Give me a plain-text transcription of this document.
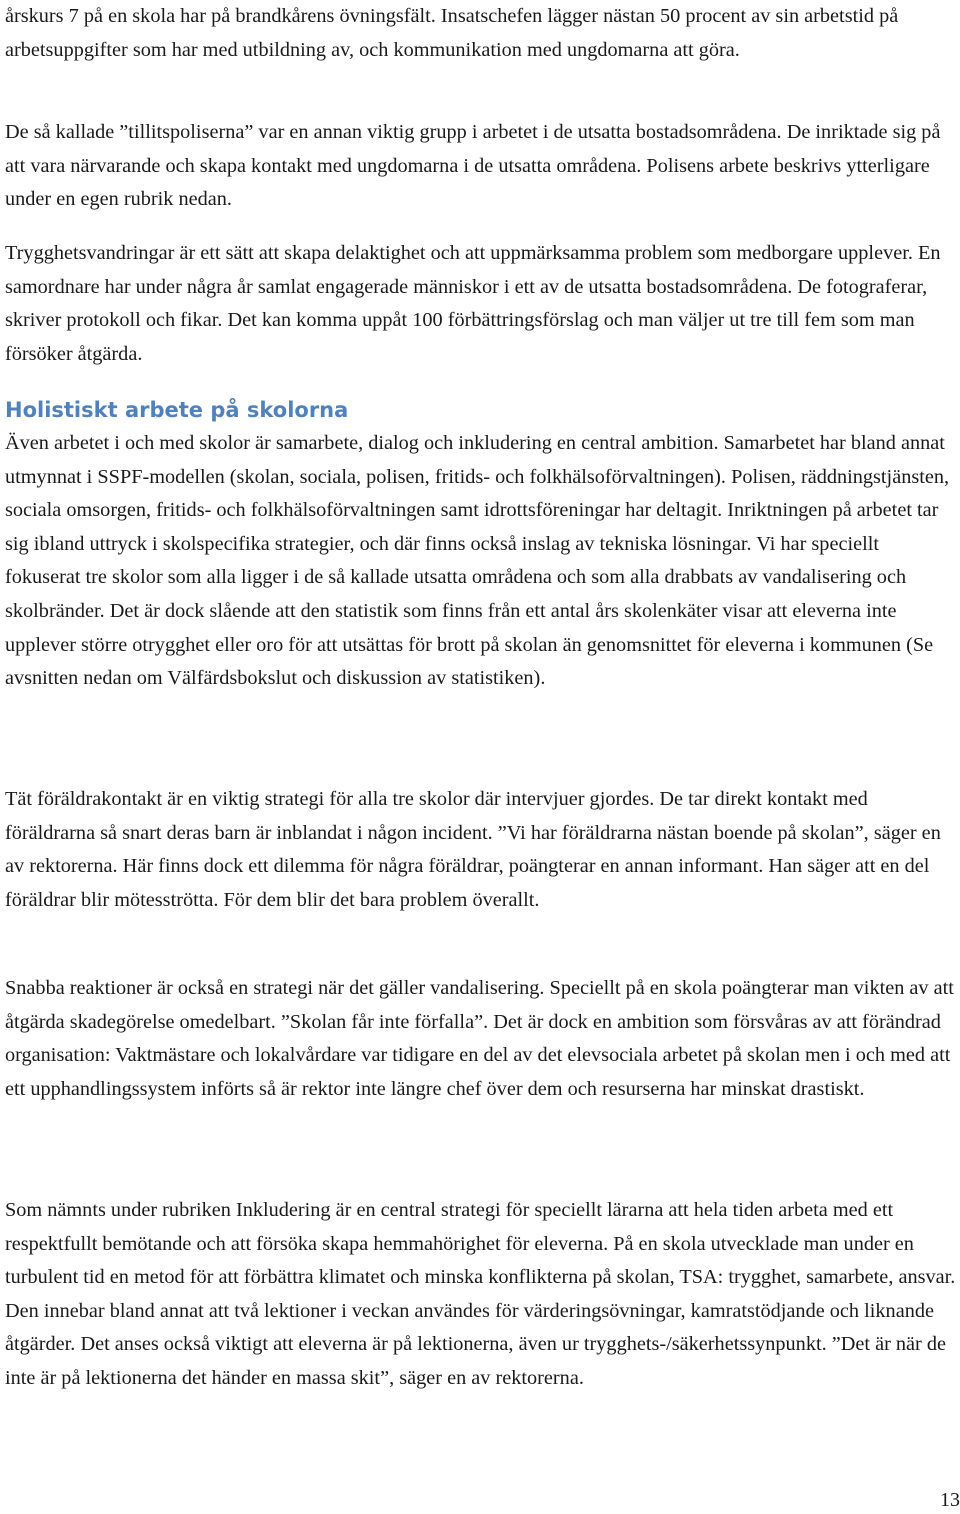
årskurs 7 på en skola har på brandkårens övningsfält. Insatschefen lägger nästan 50 procent av sin arbetstid på arbetsuppgifter som har med utbildning av, och kommunikation med ungdomarna att göra.

De så kallade ”tillitspoliserna” var en annan viktig grupp i arbetet i de utsatta bostadsområdena. De inriktade sig på att vara närvarande och skapa kontakt med ungdomarna i de utsatta områdena. Polisens arbete beskrivs ytterligare under en egen rubrik nedan.

Trygghetsvandringar är ett sätt att skapa delaktighet och att uppmärksamma problem som medborgare upplever. En samordnare har under några år samlat engagerade människor i ett av de utsatta bostadsområdena. De fotograferar, skriver protokoll och fikar. Det kan komma uppåt 100 förbättringsförslag och man väljer ut tre till fem som man försöker åtgärda.

Holistiskt arbete på skolorna

Även arbetet i och med skolor är samarbete, dialog och inkludering en central ambition. Samarbetet har bland annat utmynnat i SSPF-modellen (skolan, sociala, polisen, fritids- och folkhälsoförvaltningen). Polisen, räddningstjänsten, sociala omsorgen, fritids- och folkhälsoförvaltningen samt idrottsföreningar har deltagit. Inriktningen på arbetet tar sig ibland uttryck i skolspecifika strategier, och där finns också inslag av tekniska lösningar. Vi har speciellt fokuserat tre skolor som alla ligger i de så kallade utsatta områdena och som alla drabbats av vandalisering och skolbränder. Det är dock slående att den statistik som finns från ett antal års skolenkäter visar att eleverna inte upplever större otrygghet eller oro för att utsättas för brott på skolan än genomsnittet för eleverna i kommunen (Se avsnitten nedan om Välfärdsbokslut och diskussion av statistiken).

Tät föräldrakontakt är en viktig strategi för alla tre skolor där intervjuer gjordes. De tar direkt kontakt med föräldrarna så snart deras barn är inblandat i någon incident. ”Vi har föräldrarna nästan boende på skolan”, säger en av rektorerna. Här finns dock ett dilemma för några föräldrar, poängterar en annan informant. Han säger att en del föräldrar blir mötesströtta. För dem blir det bara problem överallt.

Snabba reaktioner är också en strategi när det gäller vandalisering. Speciellt på en skola poängterar man vikten av att åtgärda skadegörelse omedelbart. ”Skolan får inte förfalla”. Det är dock en ambition som försvåras av att förändrad organisation: Vaktmästare och lokalvårdare var tidigare en del av det elevsociala arbetet på skolan men i och med att ett upphandlingssystem införts så är rektor inte längre chef över dem och resurserna har minskat drastiskt.

Som nämnts under rubriken Inkludering är en central strategi för speciellt lärarna att hela tiden arbeta med ett respektfullt bemötande och att försöka skapa hemmahörighet för eleverna. På en skola utvecklade man under en turbulent tid en metod för att förbättra klimatet och minska konflikterna på skolan, TSA: trygghet, samarbete, ansvar. Den innebar bland annat att två lektioner i veckan användes för värderingsövningar, kamratstödjande och liknande åtgärder. Det anses också viktigt att eleverna är på lektionerna, även ur trygghets-/säkerhetssynpunkt. ”Det är när de inte är på lektionerna det händer en massa skit”, säger en av rektorerna.

13
